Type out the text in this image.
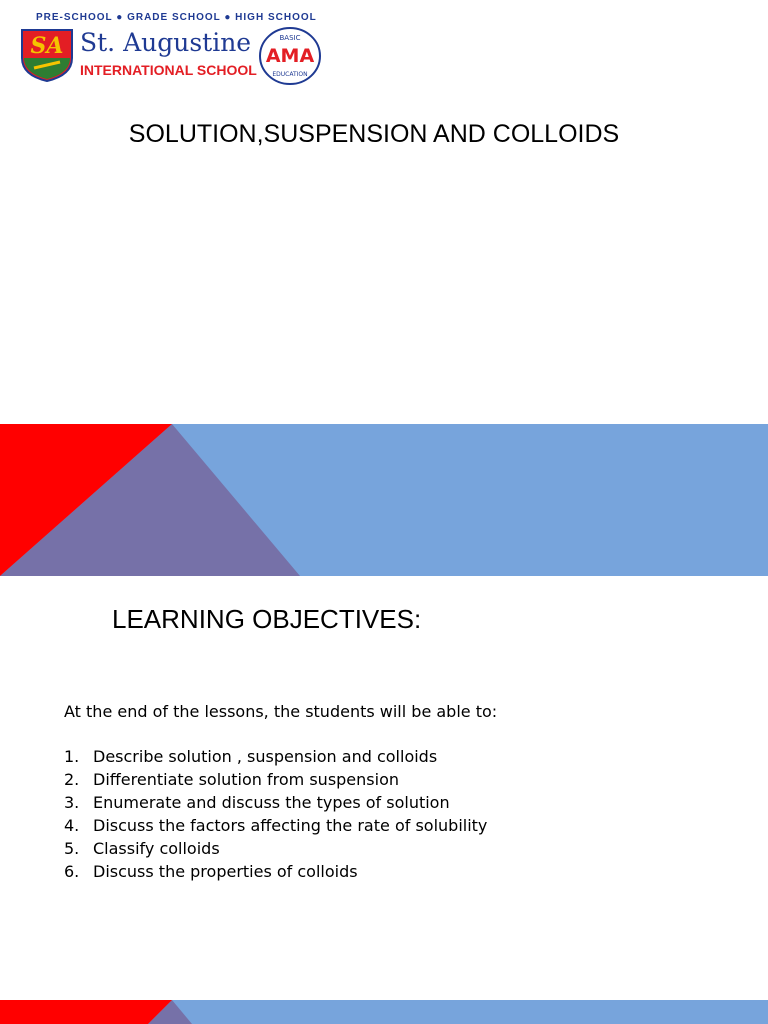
PRE-SCHOOL ● GRADE SCHOOL ● HIGH SCHOOL
SA St. Augustine
INTERNATIONAL SCHOOL
BASIC
AMA
EDUCATION
SOLUTION,SUSPENSION AND COLLOIDS
LEARNING OBJECTIVES:
At the end of the lessons, the students will be able to:
1. Describe solution , suspension and colloids
2. Differentiate solution from suspension
3. Enumerate and discuss the types of solution
4. Discuss the factors affecting the rate of solubility
5. Classify colloids
6. Discuss the properties of colloids
